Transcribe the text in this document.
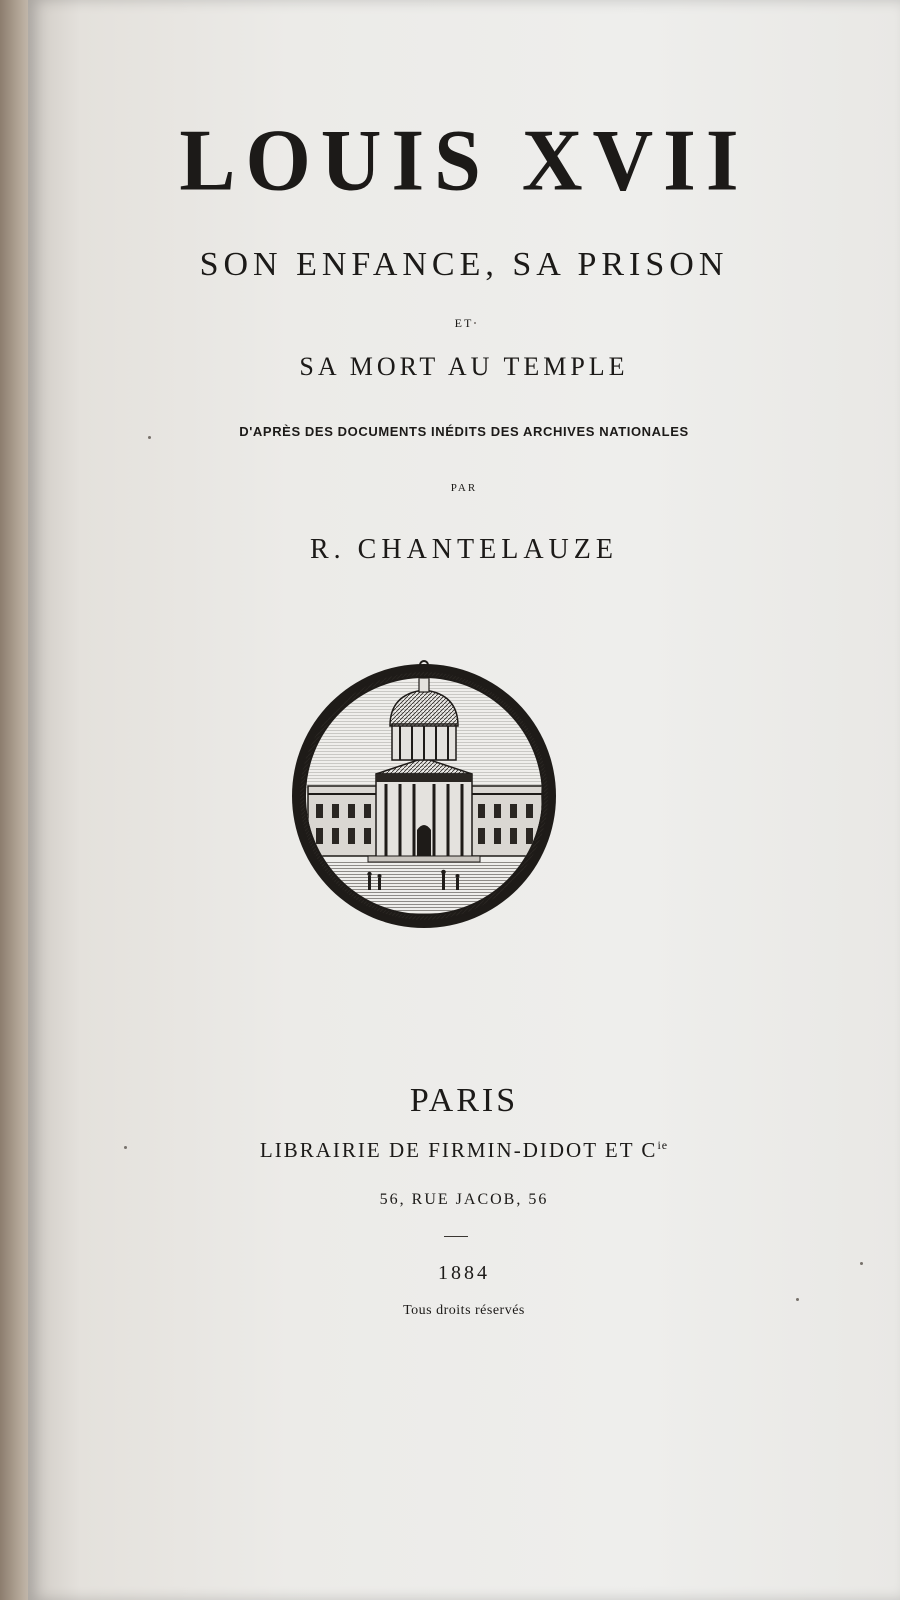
LOUIS XVII
SON ENFANCE, SA PRISON
ET
SA MORT AU TEMPLE
D'APRÈS DES DOCUMENTS INÉDITS DES ARCHIVES NATIONALES
PAR
R. CHANTELAUZE
PARIS
LIBRAIRIE DE FIRMIN-DIDOT ET $C^{ie}$
56, RUE JACOB, 56
1884
Tous droits réservés
